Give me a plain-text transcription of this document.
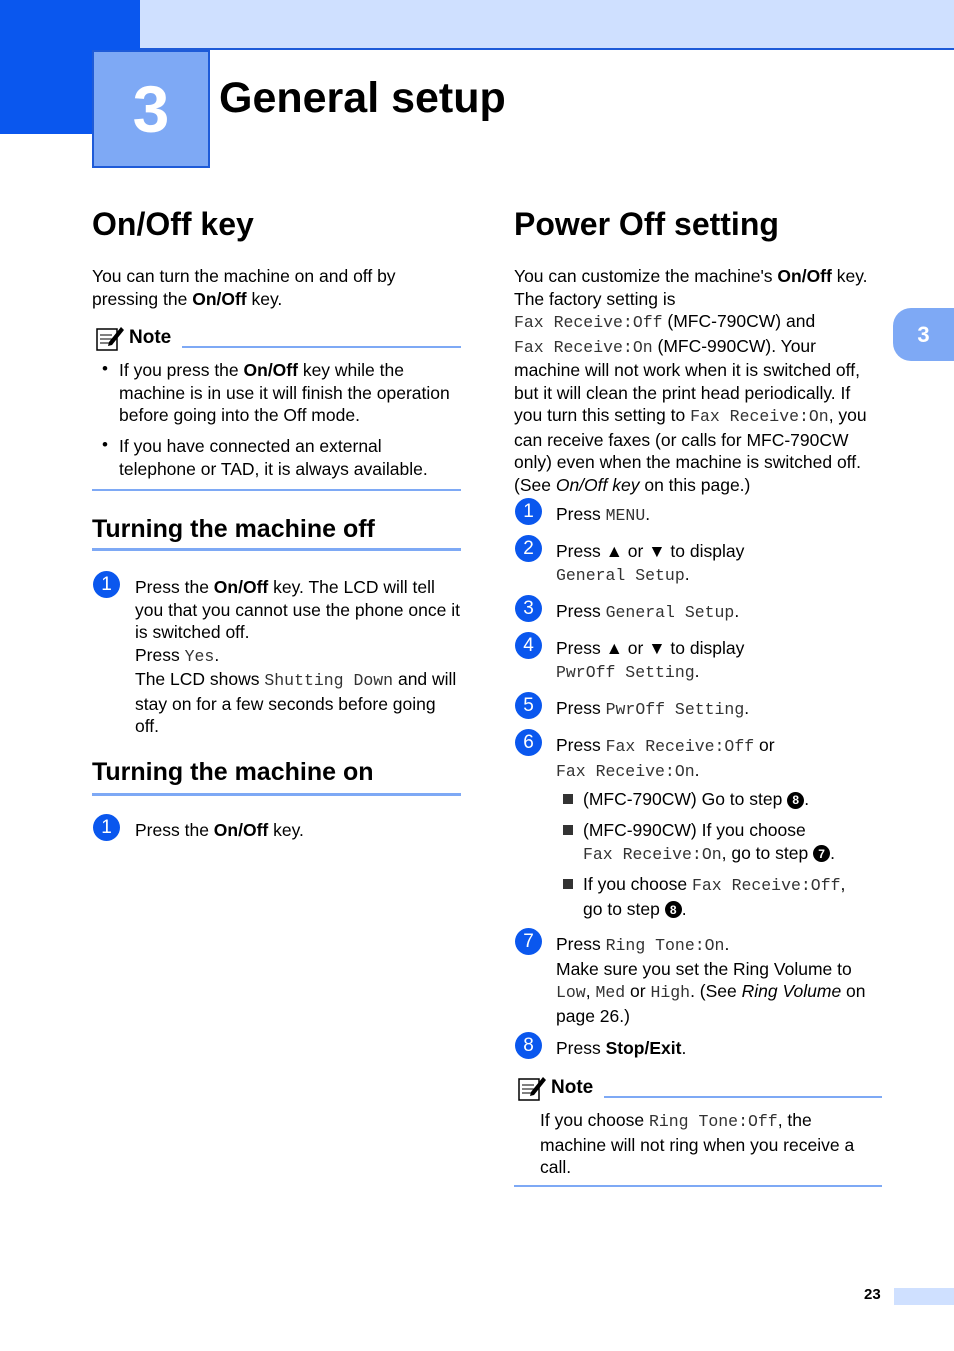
3	General setup
3
On/Off key
You can turn the machine on and off by pressing the On/Off key.
Note
• If you press the On/Off key while the machine is in use it will finish the operation before going into the Off mode.
• If you have connected an external telephone or TAD, it is always available.
Turning the machine off
1	Press the On/Off key. The LCD will tell you that you cannot use the phone once it is switched off.
Press Yes.
The LCD shows Shutting Down and will stay on for a few seconds before going off.
Turning the machine on
1	Press the On/Off key.
Power Off setting
You can customize the machine's On/Off key. The factory setting is
Fax Receive:Off (MFC-790CW) and
Fax Receive:On (MFC-990CW). Your machine will not work when it is switched off, but it will clean the print head periodically. If you turn this setting to Fax Receive:On, you can receive faxes (or calls for MFC-790CW only) even when the machine is switched off. (See On/Off key on this page.)
1	Press MENU.
2	Press ▲ or ▼ to display
General Setup.
3	Press General Setup.
4	Press ▲ or ▼ to display
PwrOff Setting.
5	Press PwrOff Setting.
6	Press Fax Receive:Off or
Fax Receive:On.
(MFC-790CW) Go to step 8 .
(MFC-990CW) If you choose
Fax Receive:On, go to step 7 .
If you choose Fax Receive:Off,
go to step 8 .
7	Press Ring Tone:On.
Make sure you set the Ring Volume to
Low, Med or High. (See Ring Volume on page 26.)
8	Press Stop/Exit.
Note
If you choose Ring Tone:Off, the machine will not ring when you receive a call.
23
